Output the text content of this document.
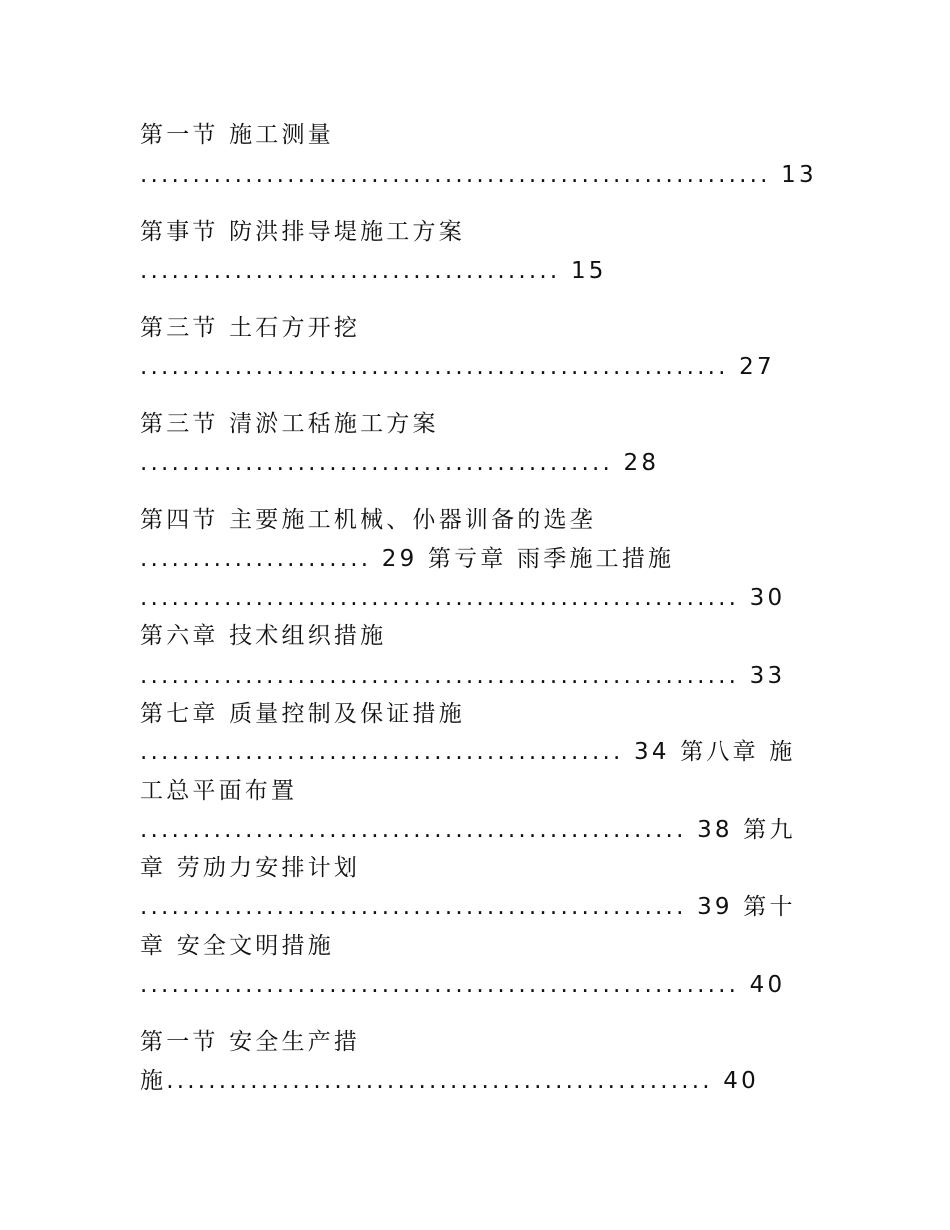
第一节 施工测量
............................................................ 13
第事节 防洪排导堤施工方案
........................................ 15
第三节 土石方开挖
........................................................ 27
第三节 清淤工秳施工方案
............................................. 28
第四节 主要施工机械、仦器训备的选垄
...................... 29 第亏章 雨季施工措施
......................................................... 30
第六章 技术组织措施
......................................................... 33
第七章 质量控制及保证措施
.............................................. 34 第八章 施
工总平面布置
.................................................... 38 第九
章 劳劢力安排计划
.................................................... 39 第十
章 安全文明措施
......................................................... 40
第一节 安全生产措
施.................................................... 40
